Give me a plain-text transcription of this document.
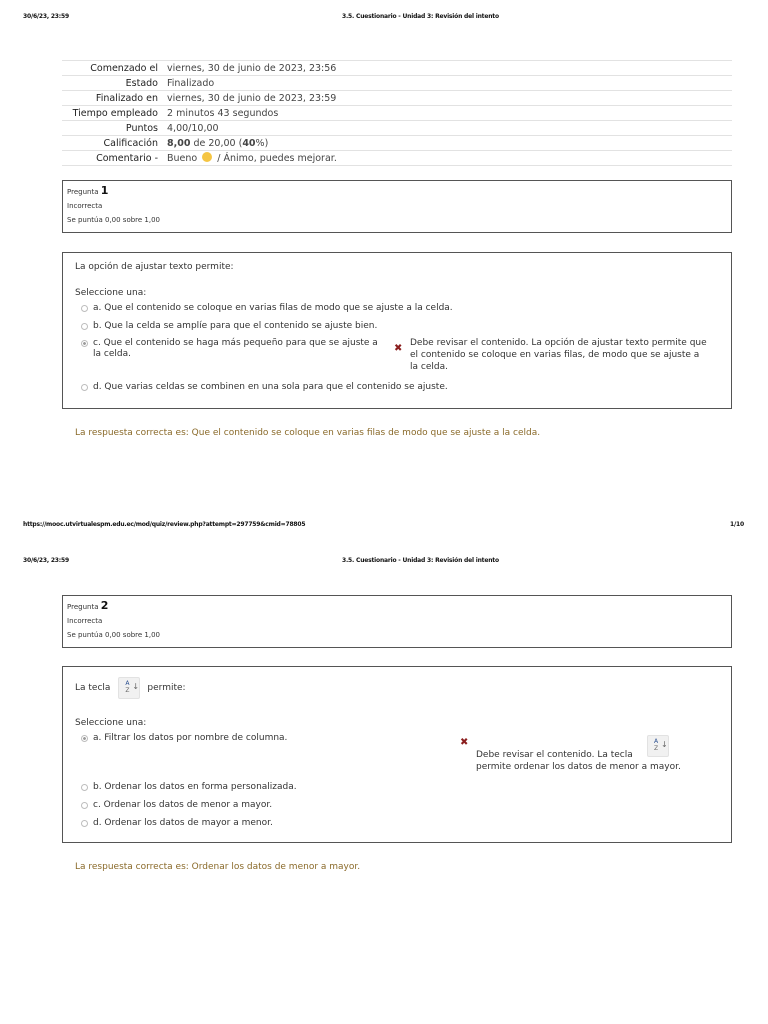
30/6/23, 23:59	3.5. Cuestionario - Unidad 3: Revisión del intento
Comenzado el	viernes, 30 de junio de 2023, 23:56
Estado	Finalizado
Finalizado en	viernes, 30 de junio de 2023, 23:59
Tiempo empleado	2 minutos 43 segundos
Puntos	4,00/10,00
Calificación	8,00 de 20,00 (40%)
Comentario -	Bueno / Ánimo, puedes mejorar.
Pregunta 1
Incorrecta
Se puntúa 0,00 sobre 1,00
La opción de ajustar texto permite:
Seleccione una:
a. Que el contenido se coloque en varias filas de modo que se ajuste a la celda.
b. Que la celda se amplíe para que el contenido se ajuste bien.
c. Que el contenido se haga más pequeño para que se ajuste a la celda.	✖ Debe revisar el contenido. La opción de ajustar texto permite que el contenido se coloque en varias filas, de modo que se ajuste a la celda.
d. Que varias celdas se combinen en una sola para que el contenido se ajuste.
La respuesta correcta es: Que el contenido se coloque en varias filas de modo que se ajuste a la celda.
https://mooc.utvirtualespm.edu.ec/mod/quiz/review.php?attempt=297759&cmid=78805	1/10
30/6/23, 23:59	3.5. Cuestionario - Unidad 3: Revisión del intento
Pregunta 2
Incorrecta
Se puntúa 0,00 sobre 1,00
La tecla	A
Z ↓ permite:
Seleccione una:
a. Filtrar los datos por nombre de columna.	✖
Debe revisar el contenido. La tecla
A
Z ↓

permite ordenar los datos de menor a mayor.
b. Ordenar los datos en forma personalizada.
c. Ordenar los datos de menor a mayor.
d. Ordenar los datos de mayor a menor.
La respuesta correcta es: Ordenar los datos de menor a mayor.
